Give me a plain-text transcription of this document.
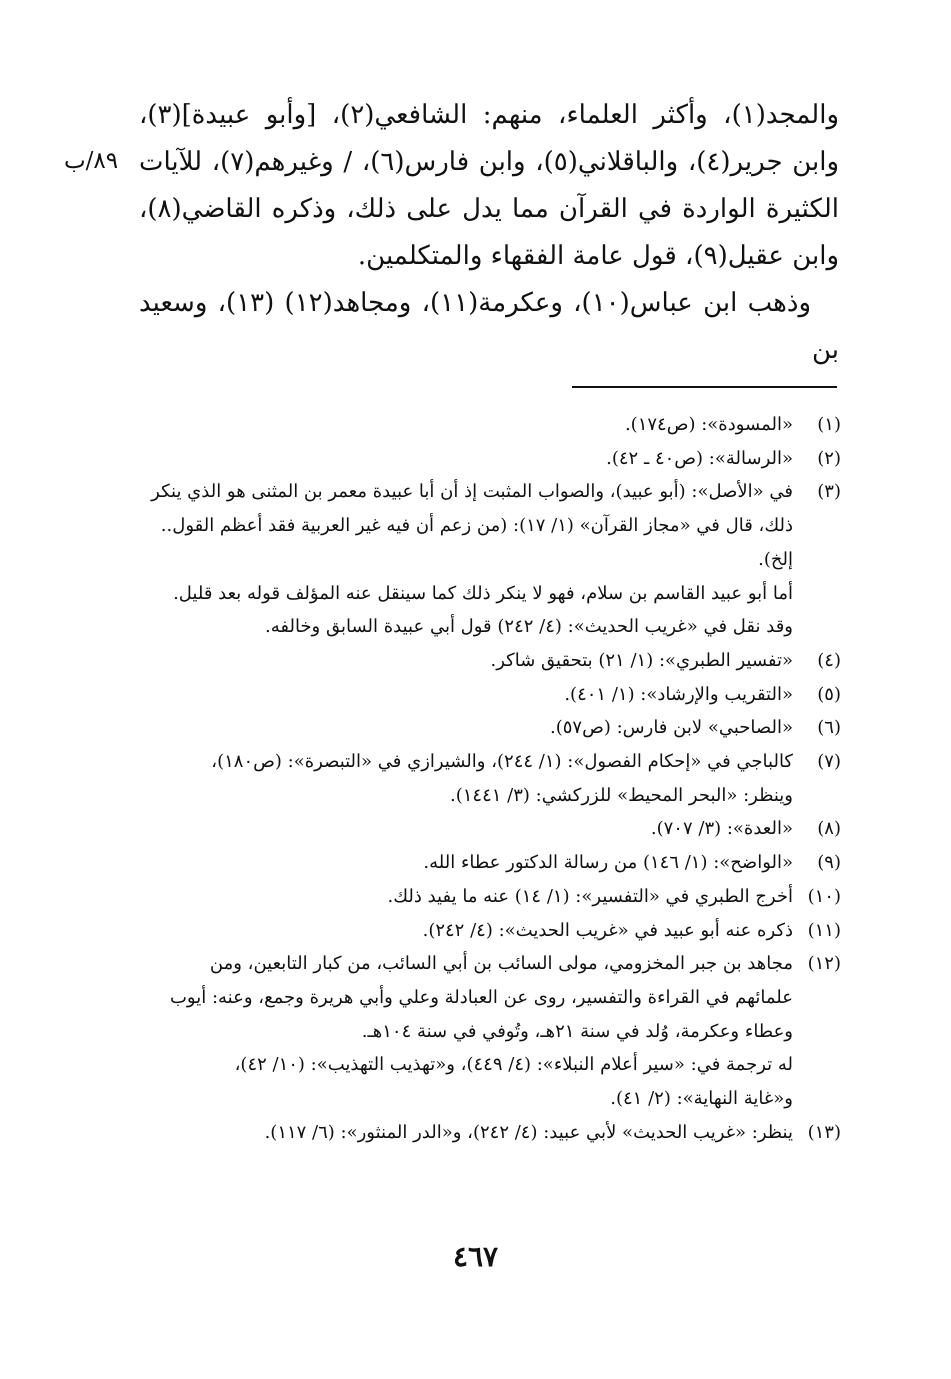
والمجد(١)، وأكثر العلماء، منهم: الشافعي(٢)، [وأبو عبيدة](٣)، وابن جرير(٤)، والباقلاني(٥)، وابن فارس(٦)، / وغيرهم(٧)، للآيات الكثيرة الواردة في القرآن مما يدل على ذلك، وذكره القاضي(٨)، وابن عقيل(٩)، قول عامة الفقهاء والمتكلمين.

وذهب ابن عباس(١٠)، وعكرمة(١١)، ومجاهد(١٢) (١٣)، وسعيد بن

٨٩/ب
(١)
«المسودة»: (ص١٧٤).
(٢)
«الرسالة»: (ص٤٠ ـ ٤٢).
(٣)
في «الأصل»: (أبو عبيد)، والصواب المثبت إذ أن أبا عبيدة معمر بن المثنى هو الذي ينكر
ذلك، قال في «مجاز القرآن» (١/ ١٧): (من زعم أن فيه غير العربية فقد أعظم القول.. إلخ).
أما أبو عبيد القاسم بن سلام، فهو لا ينكر ذلك كما سينقل عنه المؤلف قوله بعد قليل.
وقد نقل في «غريب الحديث»: (٤/ ٢٤٢) قول أبي عبيدة السابق وخالفه.
(٤)
«تفسير الطبري»: (١/ ٢١) بتحقيق شاكر.
(٥)
«التقريب والإرشاد»: (١/ ٤٠١).
(٦)
«الصاحبي» لابن فارس: (ص٥٧).
(٧)
كالباجي في «إحكام الفصول»: (١/ ٢٤٤)، والشيرازي في «التبصرة»: (ص١٨٠)،
وينظر: «البحر المحيط» للزركشي: (٣/ ١٤٤١).
(٨)
«العدة»: (٣/ ٧٠٧).
(٩)
«الواضح»: (١/ ١٤٦) من رسالة الدكتور عطاء الله.
(١٠)
أخرج الطبري في «التفسير»: (١/ ١٤) عنه ما يفيد ذلك.
(١١)
ذكره عنه أبو عبيد في «غريب الحديث»: (٤/ ٢٤٢).
(١٢)
مجاهد بن جبر المخزومي، مولى السائب بن أبي السائب، من كبار التابعين، ومن
علمائهم في القراءة والتفسير، روى عن العبادلة وعلي وأبي هريرة وجمع، وعنه: أيوب
وعطاء وعكرمة، وُلد في سنة ٢١هـ، وتُوفي في سنة ١٠٤هـ.
له ترجمة في: «سير أعلام النبلاء»: (٤/ ٤٤٩)، و«تهذيب التهذيب»: (١٠/ ٤٢)،
و«غاية النهاية»: (٢/ ٤١).
(١٣)
ينظر: «غريب الحديث» لأبي عبيد: (٤/ ٢٤٢)، و«الدر المنثور»: (٦/ ١١٧).
٤٦٧
